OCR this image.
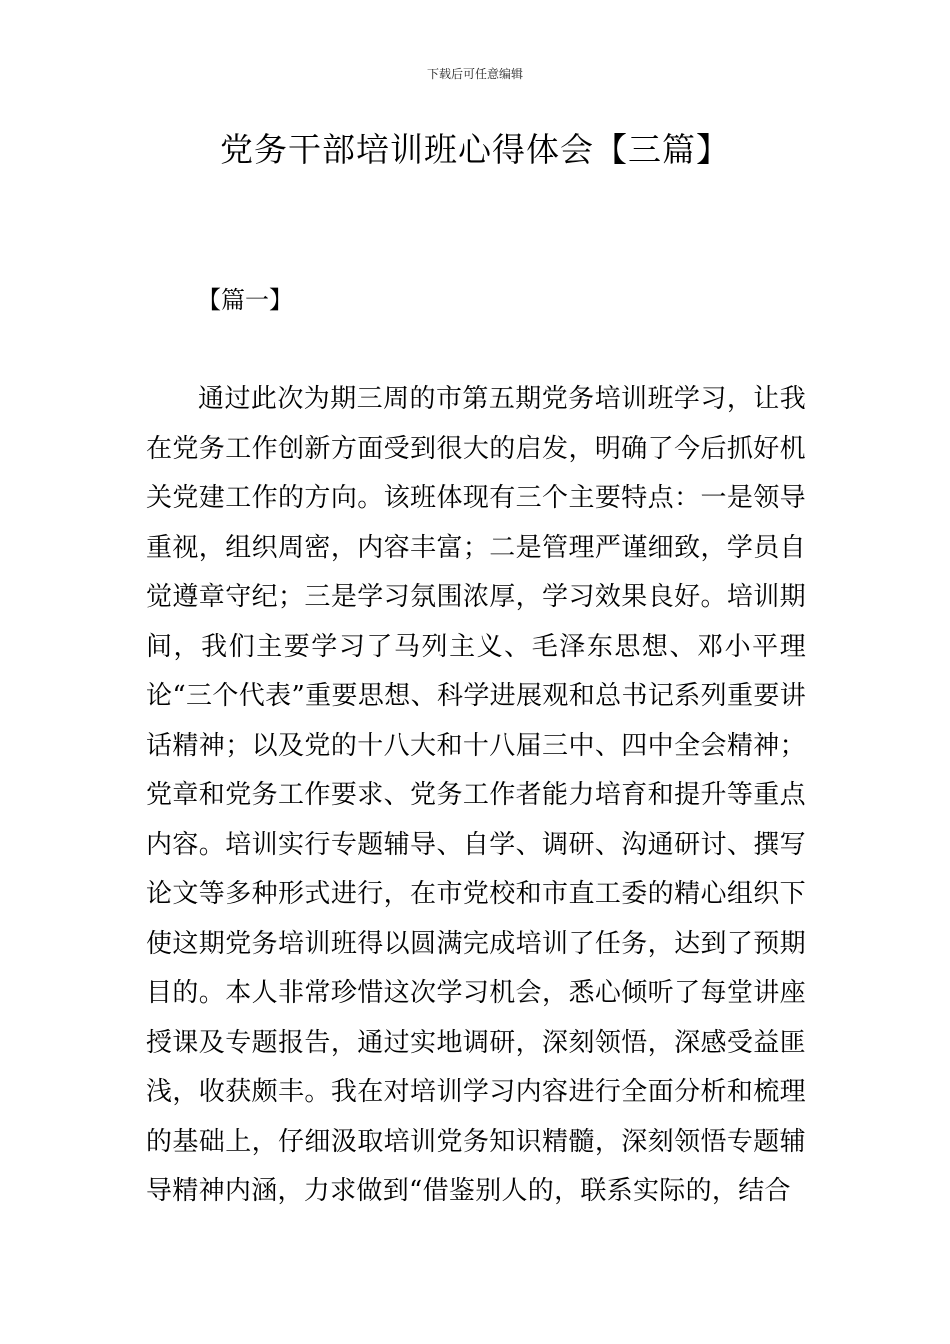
下载后可任意编辑
党务干部培训班心得体会【三篇】
【篇一】

通过此次为期三周的市第五期党务培训班学习，让我在党务工作创新方面受到很大的启发，明确了今后抓好机关党建工作的方向。该班体现有三个主要特点：一是领导重视，组织周密，内容丰富；二是管理严谨细致，学员自觉遵章守纪；三是学习氛围浓厚，学习效果良好。培训期间，我们主要学习了马列主义、毛泽东思想、邓小平理论“三个代表”重要思想、科学进展观和总书记系列重要讲话精神；以及党的十八大和十八届三中、四中全会精神；党章和党务工作要求、党务工作者能力培育和提升等重点内容。培训实行专题辅导、自学、调研、沟通研讨、撰写论文等多种形式进行，在市党校和市直工委的精心组织下使这期党务培训班得以圆满完成培训了任务，达到了预期目的。本人非常珍惜这次学习机会，悉心倾听了每堂讲座授课及专题报告，通过实地调研，深刻领悟，深感受益匪浅，收获颇丰。我在对培训学习内容进行全面分析和梳理的基础上，仔细汲取培训党务知识精髓，深刻领悟专题辅导精神内涵，力求做到“借鉴别人的，联系实际的，结合
